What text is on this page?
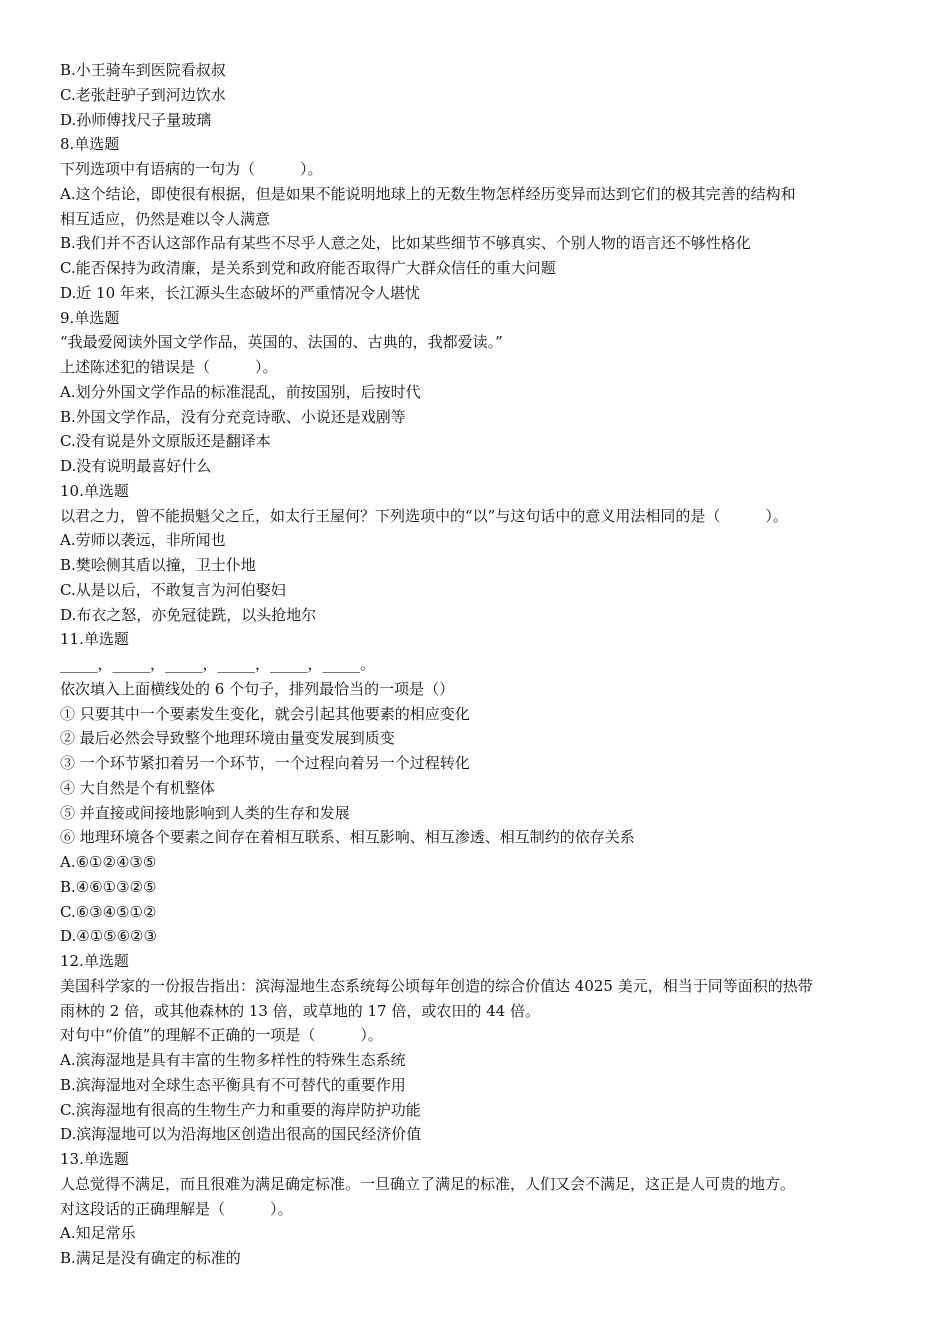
B.小王骑车到医院看叔叔
C.老张赶驴子到河边饮水
D.孙师傅找尺子量玻璃
8.单选题
下列选项中有语病的一句为（　　　）。
A.这个结论，即使很有根据，但是如果不能说明地球上的无数生物怎样经历变异而达到它们的极其完善的结构和
相互适应，仍然是难以令人满意
B.我们并不否认这部作品有某些不尽乎人意之处，比如某些细节不够真实、个别人物的语言还不够性格化
C.能否保持为政清廉，是关系到党和政府能否取得广大群众信任的重大问题
D.近 10 年来，长江源头生态破坏的严重情况令人堪忧
9.单选题
“我最爱阅读外国文学作品，英国的、法国的、古典的，我都爱读。”
上述陈述犯的错误是（　　　）。
A.划分外国文学作品的标准混乱，前按国别，后按时代
B.外国文学作品，没有分充竞诗歌、小说还是戏剧等
C.没有说是外文原版还是翻译本
D.没有说明最喜好什么
10.单选题
以君之力，曾不能损魁父之丘，如太行王屋何？下列选项中的“以”与这句话中的意义用法相同的是（　　　）。
A.劳师以袭远，非所闻也
B.樊哙侧其盾以撞，卫士仆地
C.从是以后，不敢复言为河伯娶妇
D.布衣之怒，亦免冠徒跣，以头抢地尔
11.单选题
_____，_____，_____，_____，_____，_____。
依次填入上面横线处的 6 个句子，排列最恰当的一项是（）
① 只要其中一个要素发生变化，就会引起其他要素的相应变化
② 最后必然会导致整个地理环境由量变发展到质变
③ 一个环节紧扣着另一个环节，一个过程向着另一个过程转化
④ 大自然是个有机整体
⑤ 并直接或间接地影响到人类的生存和发展
⑥ 地理环境各个要素之间存在着相互联系、相互影响、相互渗透、相互制约的依存关系
A.⑥①②④③⑤
B.④⑥①③②⑤
C.⑥③④⑤①②
D.④①⑤⑥②③
12.单选题
美国科学家的一份报告指出：滨海湿地生态系统每公顷每年创造的综合价值达 4025 美元，相当于同等面积的热带
雨林的 2 倍，或其他森林的 13 倍，或草地的 17 倍，或农田的 44 倍。
对句中“价值”的理解不正确的一项是（　　　）。
A.滨海湿地是具有丰富的生物多样性的特殊生态系统
B.滨海湿地对全球生态平衡具有不可替代的重要作用
C.滨海湿地有很高的生物生产力和重要的海岸防护功能
D.滨海湿地可以为沿海地区创造出很高的国民经济价值
13.单选题
人总觉得不满足，而且很难为满足确定标准。一旦确立了满足的标准，人们又会不满足，这正是人可贵的地方。
对这段话的正确理解是（　　　）。
A.知足常乐
B.满足是没有确定的标准的
